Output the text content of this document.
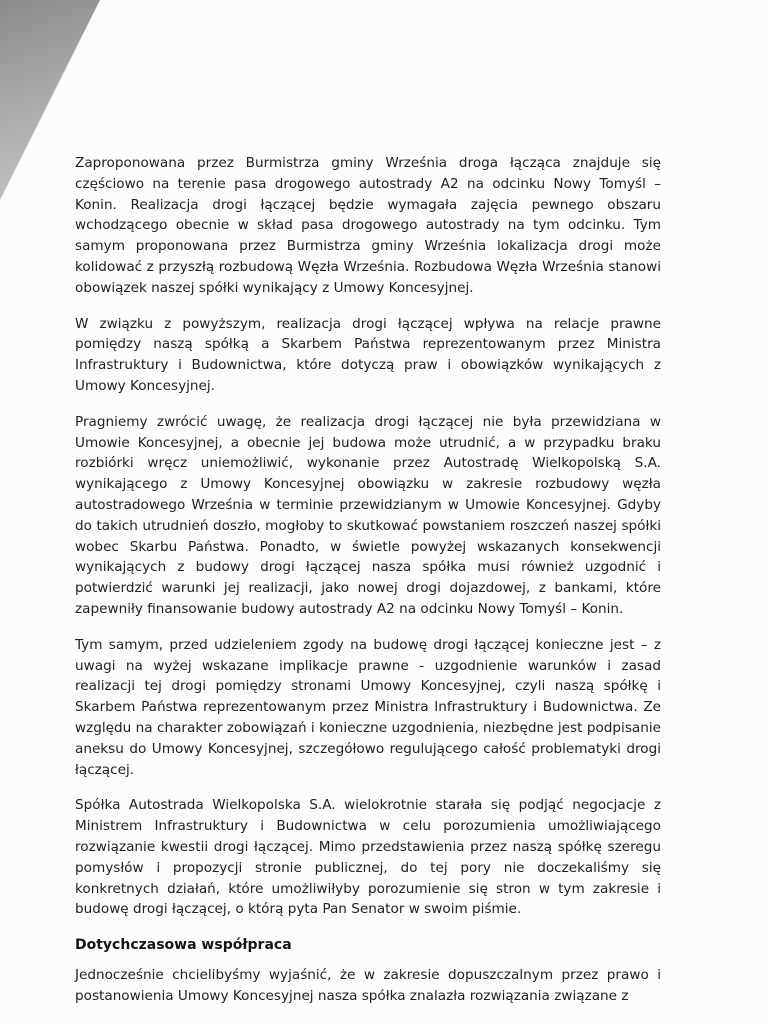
Zaproponowana przez Burmistrza gminy Września droga łącząca znajduje się częściowo na terenie pasa drogowego autostrady A2 na odcinku Nowy Tomyśl – Konin. Realizacja drogi łączącej będzie wymagała zajęcia pewnego obszaru wchodzącego obecnie w skład pasa drogowego autostrady na tym odcinku. Tym samym proponowana przez Burmistrza gminy Września lokalizacja drogi może kolidować z przyszłą rozbudową Węzła Września. Rozbudowa Węzła Września stanowi obowiązek naszej spółki wynikający z Umowy Koncesyjnej.

W związku z powyższym, realizacja drogi łączącej wpływa na relacje prawne pomiędzy naszą spółką a Skarbem Państwa reprezentowanym przez Ministra Infrastruktury i Budownictwa, które dotyczą praw i obowiązków wynikających z Umowy Koncesyjnej.

Pragniemy zwrócić uwagę, że realizacja drogi łączącej nie była przewidziana w Umowie Koncesyjnej, a obecnie jej budowa może utrudnić, a w przypadku braku rozbiórki wręcz uniemożliwić, wykonanie przez Autostradę Wielkopolską S.A. wynikającego z Umowy Koncesyjnej obowiązku w zakresie rozbudowy węzła autostradowego Września w terminie przewidzianym w Umowie Koncesyjnej. Gdyby do takich utrudnień doszło, mogłoby to skutkować powstaniem roszczeń naszej spółki wobec Skarbu Państwa. Ponadto, w świetle powyżej wskazanych konsekwencji wynikających z budowy drogi łączącej nasza spółka musi również uzgodnić i potwierdzić warunki jej realizacji, jako nowej drogi dojazdowej, z bankami, które zapewniły finansowanie budowy autostrady A2 na odcinku Nowy Tomyśl – Konin.

Tym samym, przed udzieleniem zgody na budowę drogi łączącej konieczne jest – z uwagi na wyżej wskazane implikacje prawne - uzgodnienie warunków i zasad realizacji tej drogi pomiędzy stronami Umowy Koncesyjnej, czyli naszą spółkę i Skarbem Państwa reprezentowanym przez Ministra Infrastruktury i Budownictwa. Ze względu na charakter zobowiązań i konieczne uzgodnienia, niezbędne jest podpisanie aneksu do Umowy Koncesyjnej, szczegółowo regulującego całość problematyki drogi łączącej.

Spółka Autostrada Wielkopolska S.A. wielokrotnie starała się podjąć negocjacje z Ministrem Infrastruktury i Budownictwa w celu porozumienia umożliwiającego rozwiązanie kwestii drogi łączącej. Mimo przedstawienia przez naszą spółkę szeregu pomysłów i propozycji stronie publicznej, do tej pory nie doczekaliśmy się konkretnych działań, które umożliwiłyby porozumienie się stron w tym zakresie i budowę drogi łączącej, o którą pyta Pan Senator w swoim piśmie.

Dotychczasowa współpraca

Jednocześnie chcielibyśmy wyjaśnić, że w zakresie dopuszczalnym przez prawo i postanowienia Umowy Koncesyjnej nasza spółka znalazła rozwiązania związane z
